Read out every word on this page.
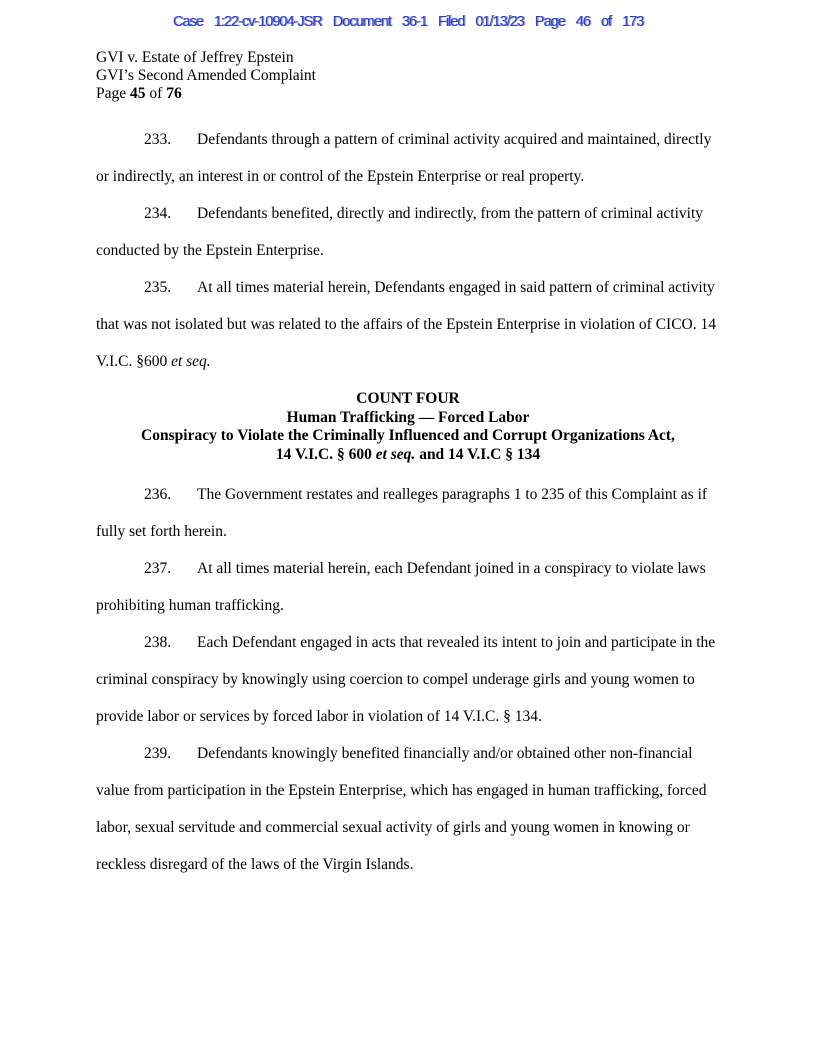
Case 1:22-cv-10904-JSR Document 36-1 Filed 01/13/23 Page 46 of 173
GVI v. Estate of Jeffrey Epstein
GVI’s Second Amended Complaint
Page 45 of 76

233. Defendants through a pattern of criminal activity acquired and maintained, directly or indirectly, an interest in or control of the Epstein Enterprise or real property.

234. Defendants benefited, directly and indirectly, from the pattern of criminal activity conducted by the Epstein Enterprise.

235. At all times material herein, Defendants engaged in said pattern of criminal activity that was not isolated but was related to the affairs of the Epstein Enterprise in violation of CICO. 14 V.I.C. §600 et seq.

COUNT FOUR
Human Trafficking — Forced Labor
Conspiracy to Violate the Criminally Influenced and Corrupt Organizations Act,
14 V.I.C. § 600 et seq. and 14 V.I.C § 134

236. The Government restates and realleges paragraphs 1 to 235 of this Complaint as if fully set forth herein.

237. At all times material herein, each Defendant joined in a conspiracy to violate laws prohibiting human trafficking.

238. Each Defendant engaged in acts that revealed its intent to join and participate in the criminal conspiracy by knowingly using coercion to compel underage girls and young women to provide labor or services by forced labor in violation of 14 V.I.C. § 134.

239. Defendants knowingly benefited financially and/or obtained other non-financial value from participation in the Epstein Enterprise, which has engaged in human trafficking, forced labor, sexual servitude and commercial sexual activity of girls and young women in knowing or reckless disregard of the laws of the Virgin Islands.
